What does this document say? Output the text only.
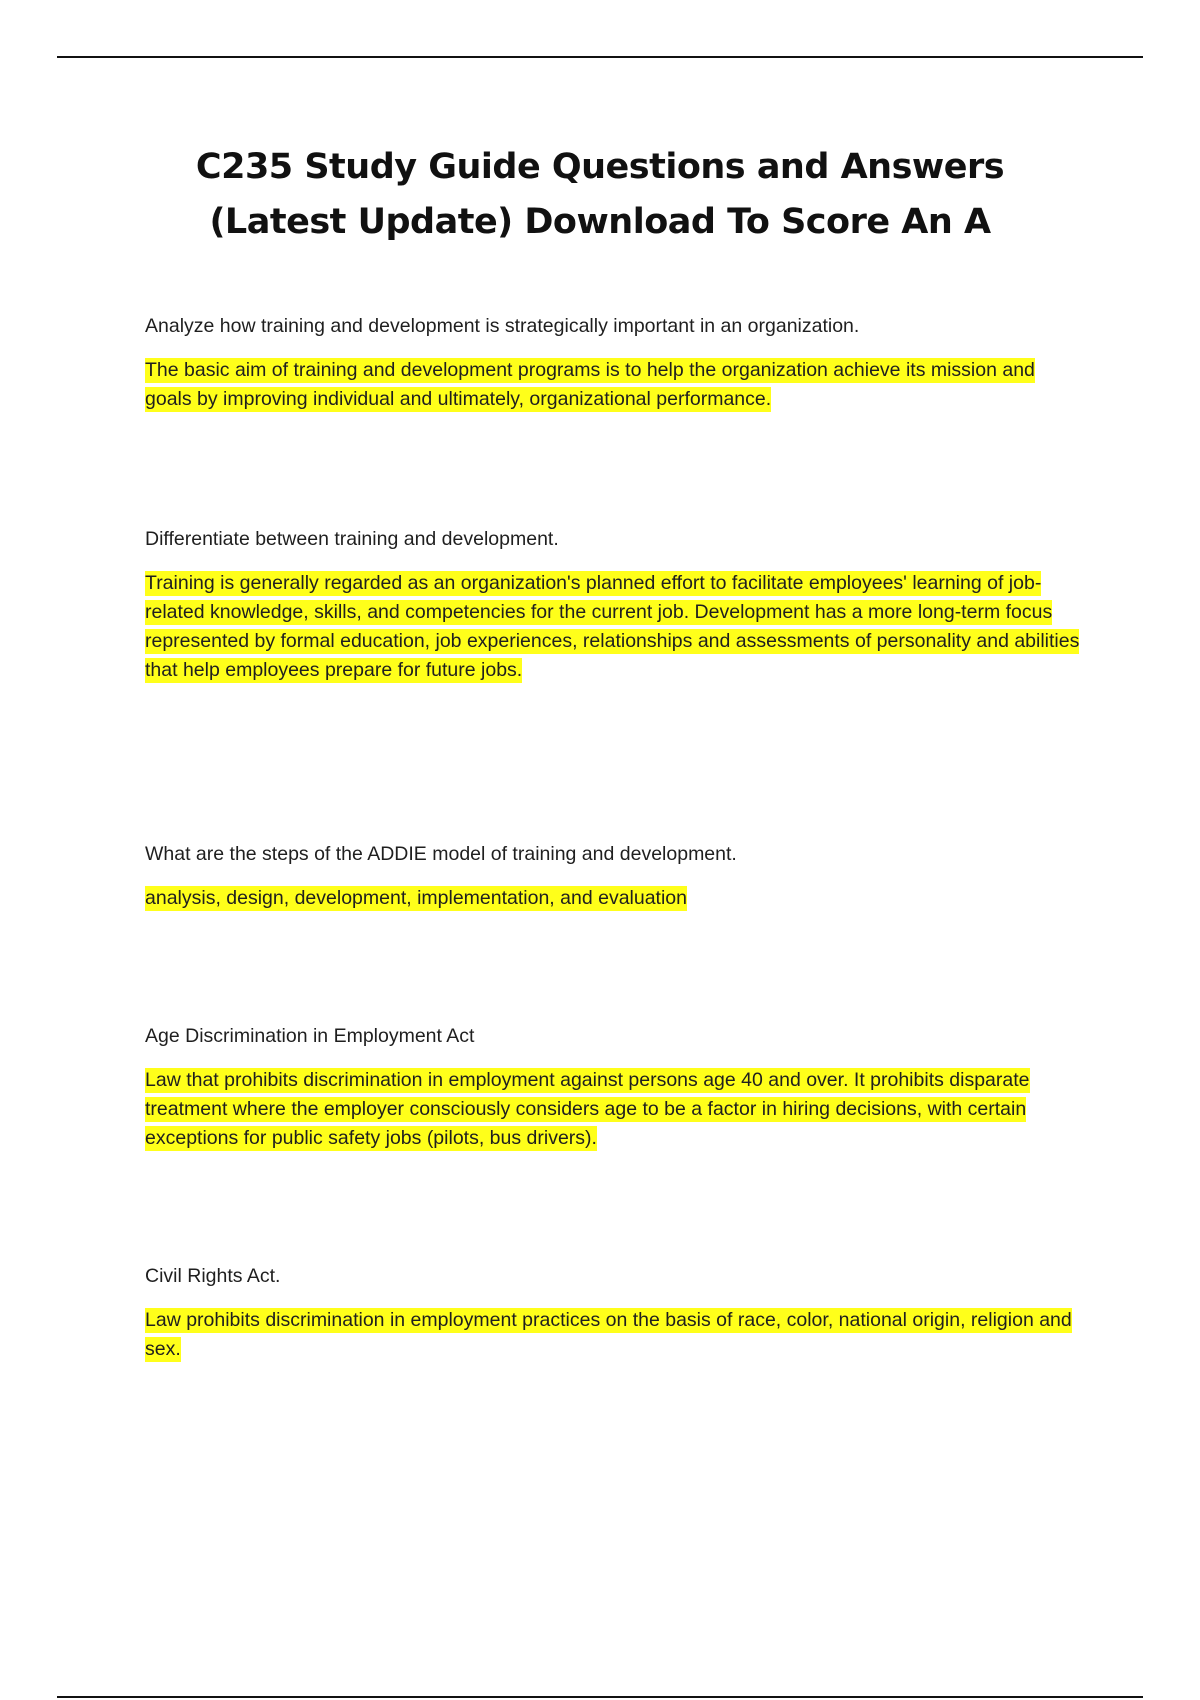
C235 Study Guide Questions and Answers (Latest Update) Download To Score An A

Analyze how training and development is strategically important in an organization.

The basic aim of training and development programs is to help the organization achieve its mission and goals by improving individual and ultimately, organizational performance.

Differentiate between training and development.

Training is generally regarded as an organization's planned effort to facilitate employees' learning of job-related knowledge, skills, and competencies for the current job. Development has a more long-term focus represented by formal education, job experiences, relationships and assessments of personality and abilities that help employees prepare for future jobs.

What are the steps of the ADDIE model of training and development.

analysis, design, development, implementation, and evaluation

Age Discrimination in Employment Act

Law that prohibits discrimination in employment against persons age 40 and over. It prohibits disparate treatment where the employer consciously considers age to be a factor in hiring decisions, with certain exceptions for public safety jobs (pilots, bus drivers).

Civil Rights Act.

Law prohibits discrimination in employment practices on the basis of race, color, national origin, religion and sex.
